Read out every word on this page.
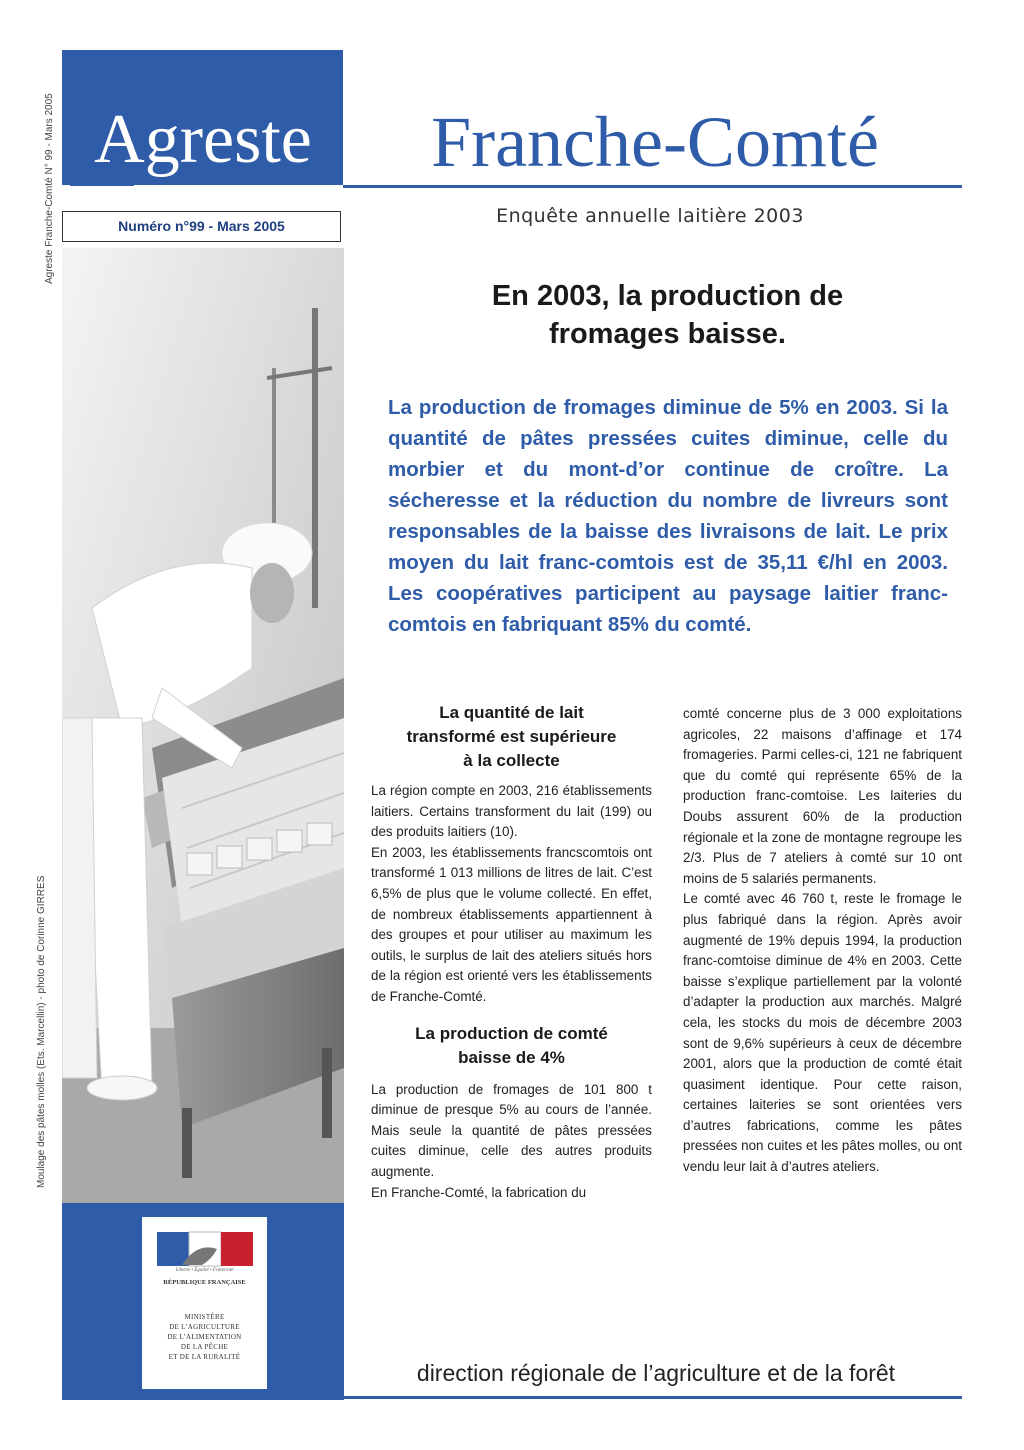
Agreste Franche-Comté N° 99 - Mars 2005
Moulage des pâtes molles (Ets. Marcellin) - photo de Corinne GIRRES
Agreste
Numéro n°99 - Mars 2005
Liberté • Égalité • Fraternité
RÉPUBLIQUE FRANÇAISE
MINISTÈRE
DE L’AGRICULTURE
DE L’ALIMENTATION
DE LA PÊCHE
ET DE LA RURALITÉ
Franche-Comté
Enquête annuelle laitière 2003
En 2003, la production de
fromages baisse.
La production de fromages diminue de 5% en 2003. Si la quantité de pâtes pressées cuites diminue, celle du morbier et du mont-d’or continue de croître. La sécheresse et la réduction du nombre de livreurs sont responsables de la baisse des livraisons de lait. Le prix moyen du lait franc-comtois est de 35,11 €/hl en 2003. Les coopératives participent au paysage laitier franc-comtois en fabriquant 85% du comté.
La quantité de lait
transformé est supérieure
à la collecte

La région compte en 2003, 216 établissements laitiers. Certains transforment du lait (199) ou des produits laitiers (10).

En 2003, les établissements francscomtois ont transformé 1 013 millions de litres de lait. C’est 6,5% de plus que le volume collecté. En effet, de nombreux établissements appartiennent à des groupes et pour utiliser au maximum les outils, le surplus de lait des ateliers situés hors de la région est orienté vers les établissements de Franche-Comté.

La production de comté
baisse de 4%

La production de fromages de 101 800 t diminue de presque 5% au cours de l’année. Mais seule la quantité de pâtes pressées cuites diminue, celle des autres produits augmente.

En Franche-Comté, la fabrication du

comté concerne plus de 3 000 exploitations agricoles, 22 maisons d’affinage et 174 fromageries. Parmi celles-ci, 121 ne fabriquent que du comté qui représente 65% de la production franc-comtoise. Les laiteries du Doubs assurent 60% de la production régionale et la zone de montagne regroupe les 2/3. Plus de 7 ateliers à comté sur 10 ont moins de 5 salariés permanents.

Le comté avec 46 760 t, reste le fromage le plus fabriqué dans la région. Après avoir augmenté de 19% depuis 1994, la production franc-comtoise diminue de 4% en 2003. Cette baisse s’explique partiellement par la volonté d’adapter la production aux marchés. Malgré cela, les stocks du mois de décembre 2003 sont de 9,6% supérieurs à ceux de décembre 2001, alors que la production de comté était quasiment identique. Pour cette raison, certaines laiteries se sont orientées vers d’autres fabrications, comme les pâtes pressées non cuites et les pâtes molles, ou ont vendu leur lait à d’autres ateliers.

direction régionale de l’agriculture et de la forêt
